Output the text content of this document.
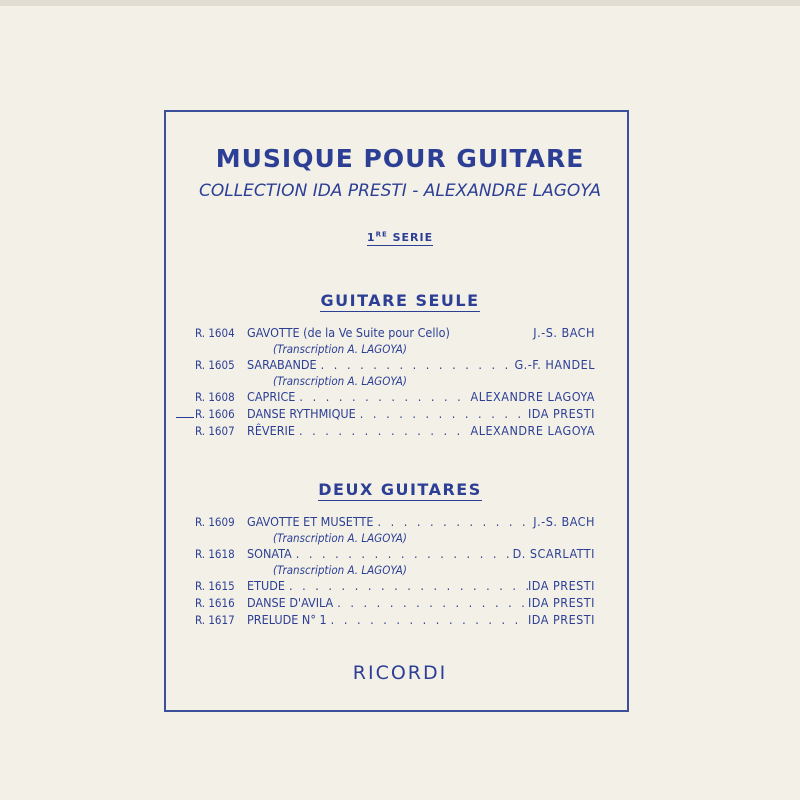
MUSIQUE POUR GUITARE
COLLECTION IDA PRESTI - ALEXANDRE LAGOYA
1RE SERIE
GUITARE SEULE
R. 1604 GAVOTTE (de la Ve Suite pour Cello)	J.-S. BACH
(Transcription A. LAGOYA)
R. 1605 SARABANDE . . .	G.-F. HANDEL
(Transcription A. LAGOYA)
R. 1608 CAPRICE . . .	ALEXANDRE LAGOYA
R. 1606 DANSE RYTHMIQUE . . .	IDA PRESTI
R. 1607 RÊVERIE . . .	ALEXANDRE LAGOYA
DEUX GUITARES
R. 1609 GAVOTTE ET MUSETTE . . .	J.-S. BACH
(Transcription A. LAGOYA)
R. 1618 SONATA . . .	D. SCARLATTI
(Transcription A. LAGOYA)
R. 1615 ETUDE . . .	IDA PRESTI
R. 1616 DANSE D'AVILA . . .	IDA PRESTI
R. 1617 PRELUDE N° 1 . . .	IDA PRESTI
RICORDI
